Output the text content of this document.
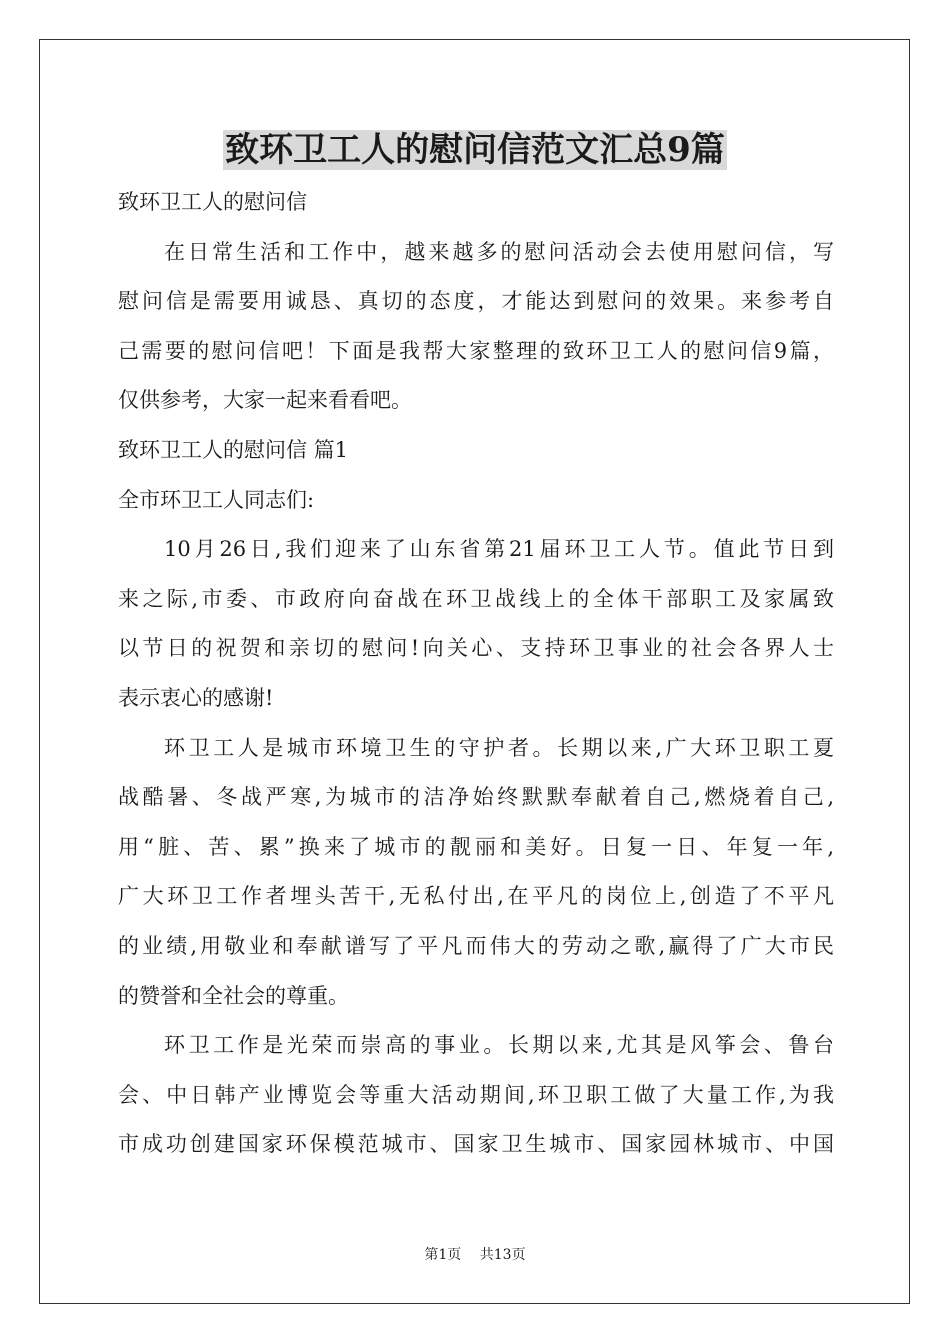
致环卫工人的慰问信范文汇总9篇

致环卫工人的慰问信

在日常生活和工作中，越来越多的慰问活动会去使用慰问信，写

慰问信是需要用诚恳、真切的态度，才能达到慰问的效果。来参考自

己需要的慰问信吧！下面是我帮大家整理的致环卫工人的慰问信9篇，

仅供参考，大家一起来看看吧。

致环卫工人的慰问信 篇1

全市环卫工人同志们:

10月26日,我们迎来了山东省第21届环卫工人节。值此节日到

来之际,市委、市政府向奋战在环卫战线上的全体干部职工及家属致

以节日的祝贺和亲切的慰问!向关心、支持环卫事业的社会各界人士

表示衷心的感谢!

环卫工人是城市环境卫生的守护者。长期以来,广大环卫职工夏

战酷暑、冬战严寒,为城市的洁净始终默默奉献着自己,燃烧着自己,

用“脏、苦、累”换来了城市的靓丽和美好。日复一日、年复一年,

广大环卫工作者埋头苦干,无私付出,在平凡的岗位上,创造了不平凡

的业绩,用敬业和奉献谱写了平凡而伟大的劳动之歌,赢得了广大市民

的赞誉和全社会的尊重。

环卫工作是光荣而崇高的事业。长期以来,尤其是风筝会、鲁台

会、中日韩产业博览会等重大活动期间,环卫职工做了大量工作,为我

市成功创建国家环保模范城市、国家卫生城市、国家园林城市、中国

第1页 共13页
